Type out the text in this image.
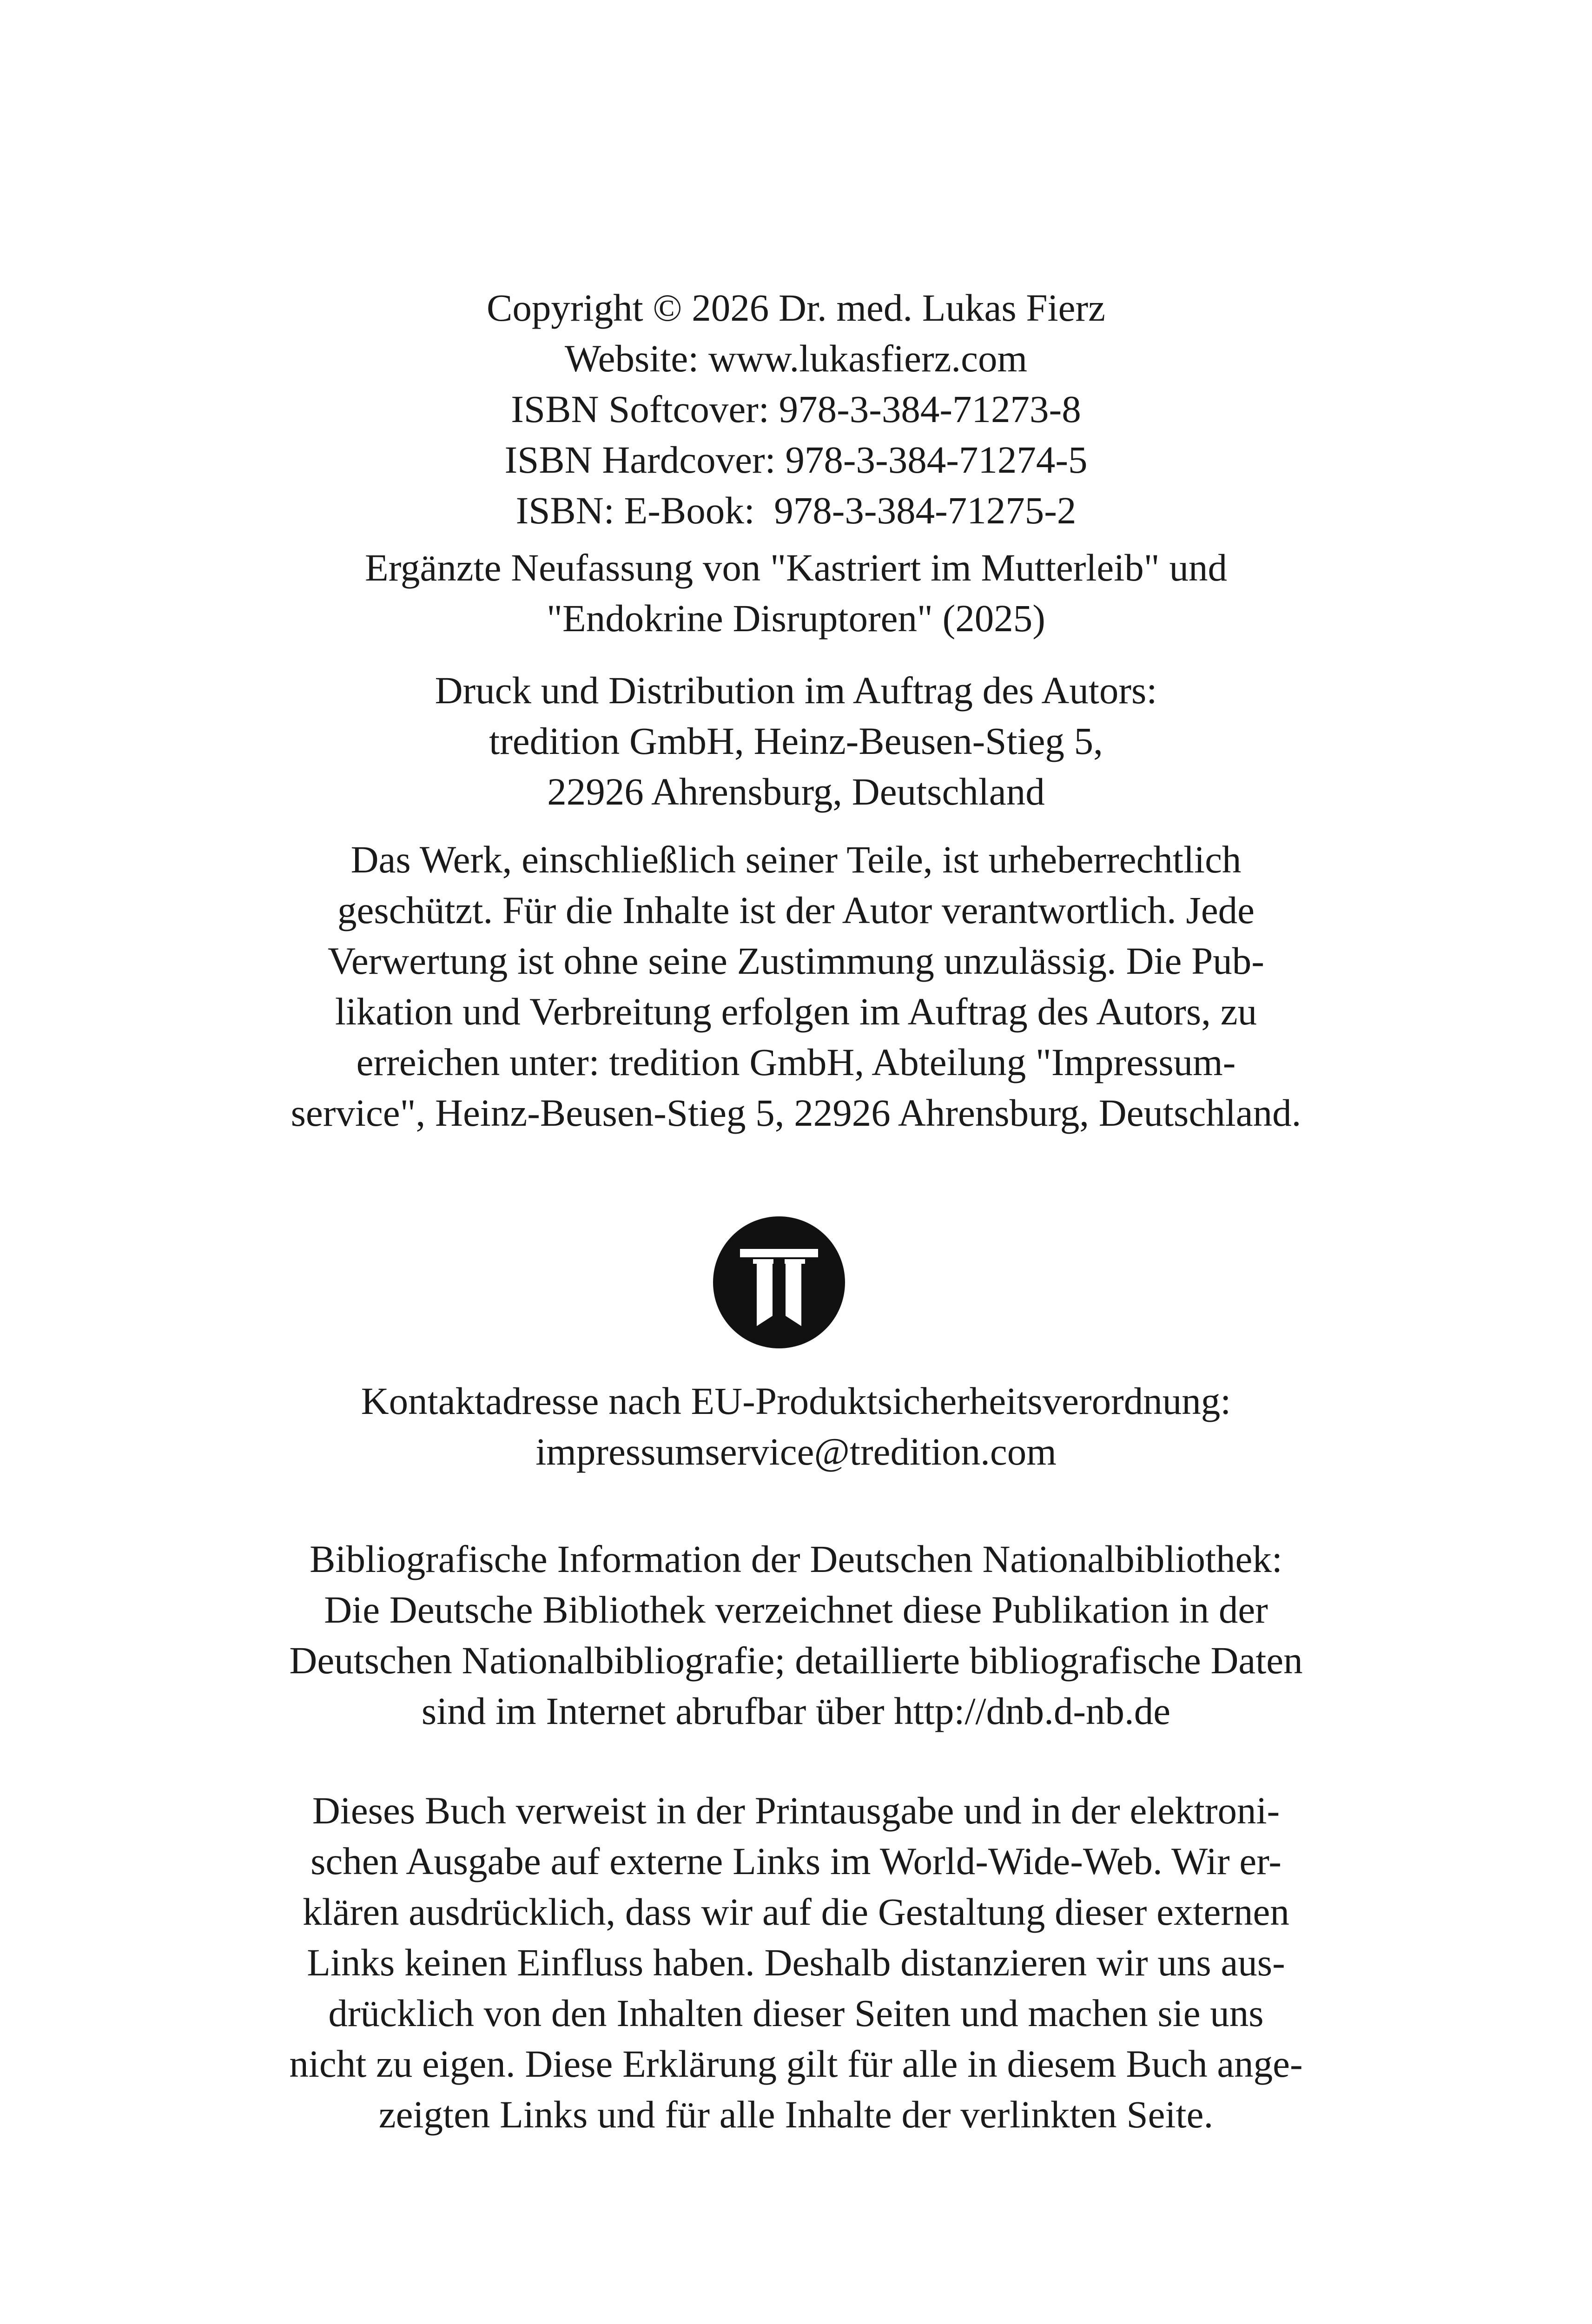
Copyright © 2026 Dr. med. Lukas Fierz
Website: www.lukasfierz.com
ISBN Softcover: 978-3-384-71273-8
ISBN Hardcover: 978-3-384-71274-5
ISBN: E-Book:  978-3-384-71275-2
Ergänzte Neufassung von "Kastriert im Mutterleib" und
"Endokrine Disruptoren" (2025)
Druck und Distribution im Auftrag des Autors:
tredition GmbH, Heinz-Beusen-Stieg 5,
22926 Ahrensburg, Deutschland
Das Werk, einschließlich seiner Teile, ist urheberrechtlich
geschützt. Für die Inhalte ist der Autor verantwortlich. Jede
Verwertung ist ohne seine Zustimmung unzulässig. Die Pub-
likation und Verbreitung erfolgen im Auftrag des Autors, zu
erreichen unter: tredition GmbH, Abteilung "Impressum-
service", Heinz-Beusen-Stieg 5, 22926 Ahrensburg, Deutschland.
Kontaktadresse nach EU-Produktsicherheitsverordnung:
impressumservice@tredition.com
Bibliografische Information der Deutschen Nationalbibliothek:
Die Deutsche Bibliothek verzeichnet diese Publikation in der
Deutschen Nationalbibliografie; detaillierte bibliografische Daten
sind im Internet abrufbar über http://dnb.d-nb.de
Dieses Buch verweist in der Printausgabe und in der elektroni-
schen Ausgabe auf externe Links im World-Wide-Web. Wir er-
klären ausdrücklich, dass wir auf die Gestaltung dieser externen
Links keinen Einfluss haben. Deshalb distanzieren wir uns aus-
drücklich von den Inhalten dieser Seiten und machen sie uns
nicht zu eigen. Diese Erklärung gilt für alle in diesem Buch ange-
zeigten Links und für alle Inhalte der verlinkten Seite.
